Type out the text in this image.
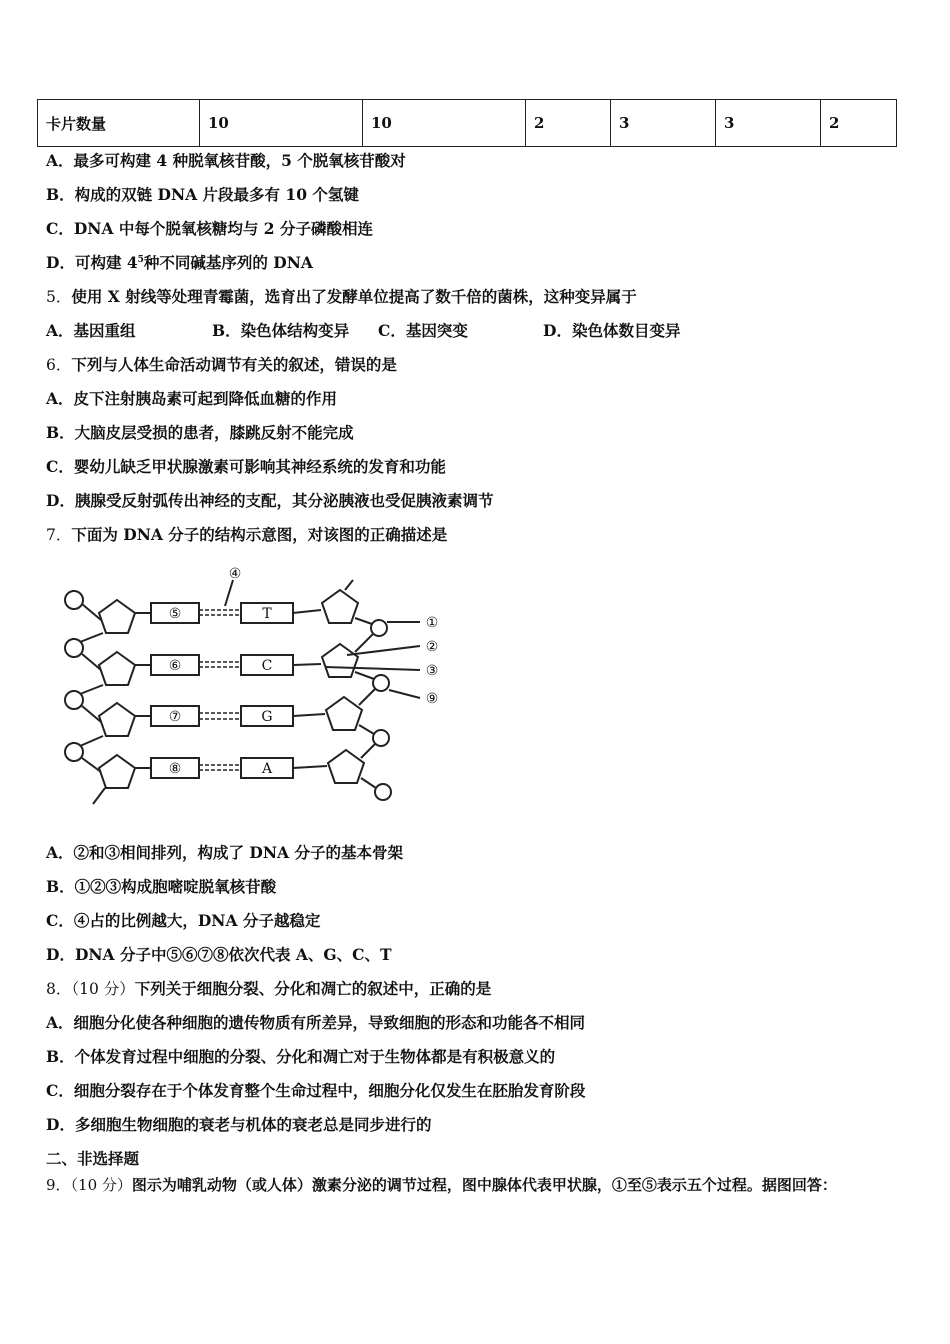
卡片数量	10	10	2	3	3	2
A．最多可构建 4 种脱氧核苷酸，5 个脱氧核苷酸对
B．构成的双链 DNA 片段最多有 10 个氢键
C．DNA 中每个脱氧核糖均与 2 分子磷酸相连
D．可构建 $4^5$种不同碱基序列的 DNA
5．使用 X 射线等处理青霉菌，选育出了发酵单位提高了数千倍的菌株，这种变异属于
A．基因重组	B．染色体结构变异 C．基因突变	D．染色体数目变异
6．下列与人体生命活动调节有关的叙述，错误的是
A．皮下注射胰岛素可起到降低血糖的作用
B．大脑皮层受损的患者，膝跳反射不能完成
C．婴幼儿缺乏甲状腺激素可影响其神经系统的发育和功能
D．胰腺受反射弧传出神经的支配，其分泌胰液也受促胰液素调节
7．下面为 DNA 分子的结构示意图，对该图的正确描述是
⑤
⑥
⑦
⑧
T
C
G
A
④
①
②
③
⑨
A．②和③相间排列，构成了 DNA 分子的基本骨架
B．①②③构成胞嘧啶脱氧核苷酸
C．④占的比例越大，DNA 分子越稳定
D．DNA 分子中⑤⑥⑦⑧依次代表 A、G、C、T
8．（10 分）下列关于细胞分裂、分化和凋亡的叙述中，正确的是
A．细胞分化使各种细胞的遗传物质有所差异，导致细胞的形态和功能各不相同
B．个体发育过程中细胞的分裂、分化和凋亡对于生物体都是有积极意义的
C．细胞分裂存在于个体发育整个生命过程中，细胞分化仅发生在胚胎发育阶段
D．多细胞生物细胞的衰老与机体的衰老总是同步进行的
二、非选择题
9．（10 分）图示为哺乳动物（或人体）激素分泌的调节过程，图中腺体代表甲状腺，①至⑤表示五个过程。据图回答：
